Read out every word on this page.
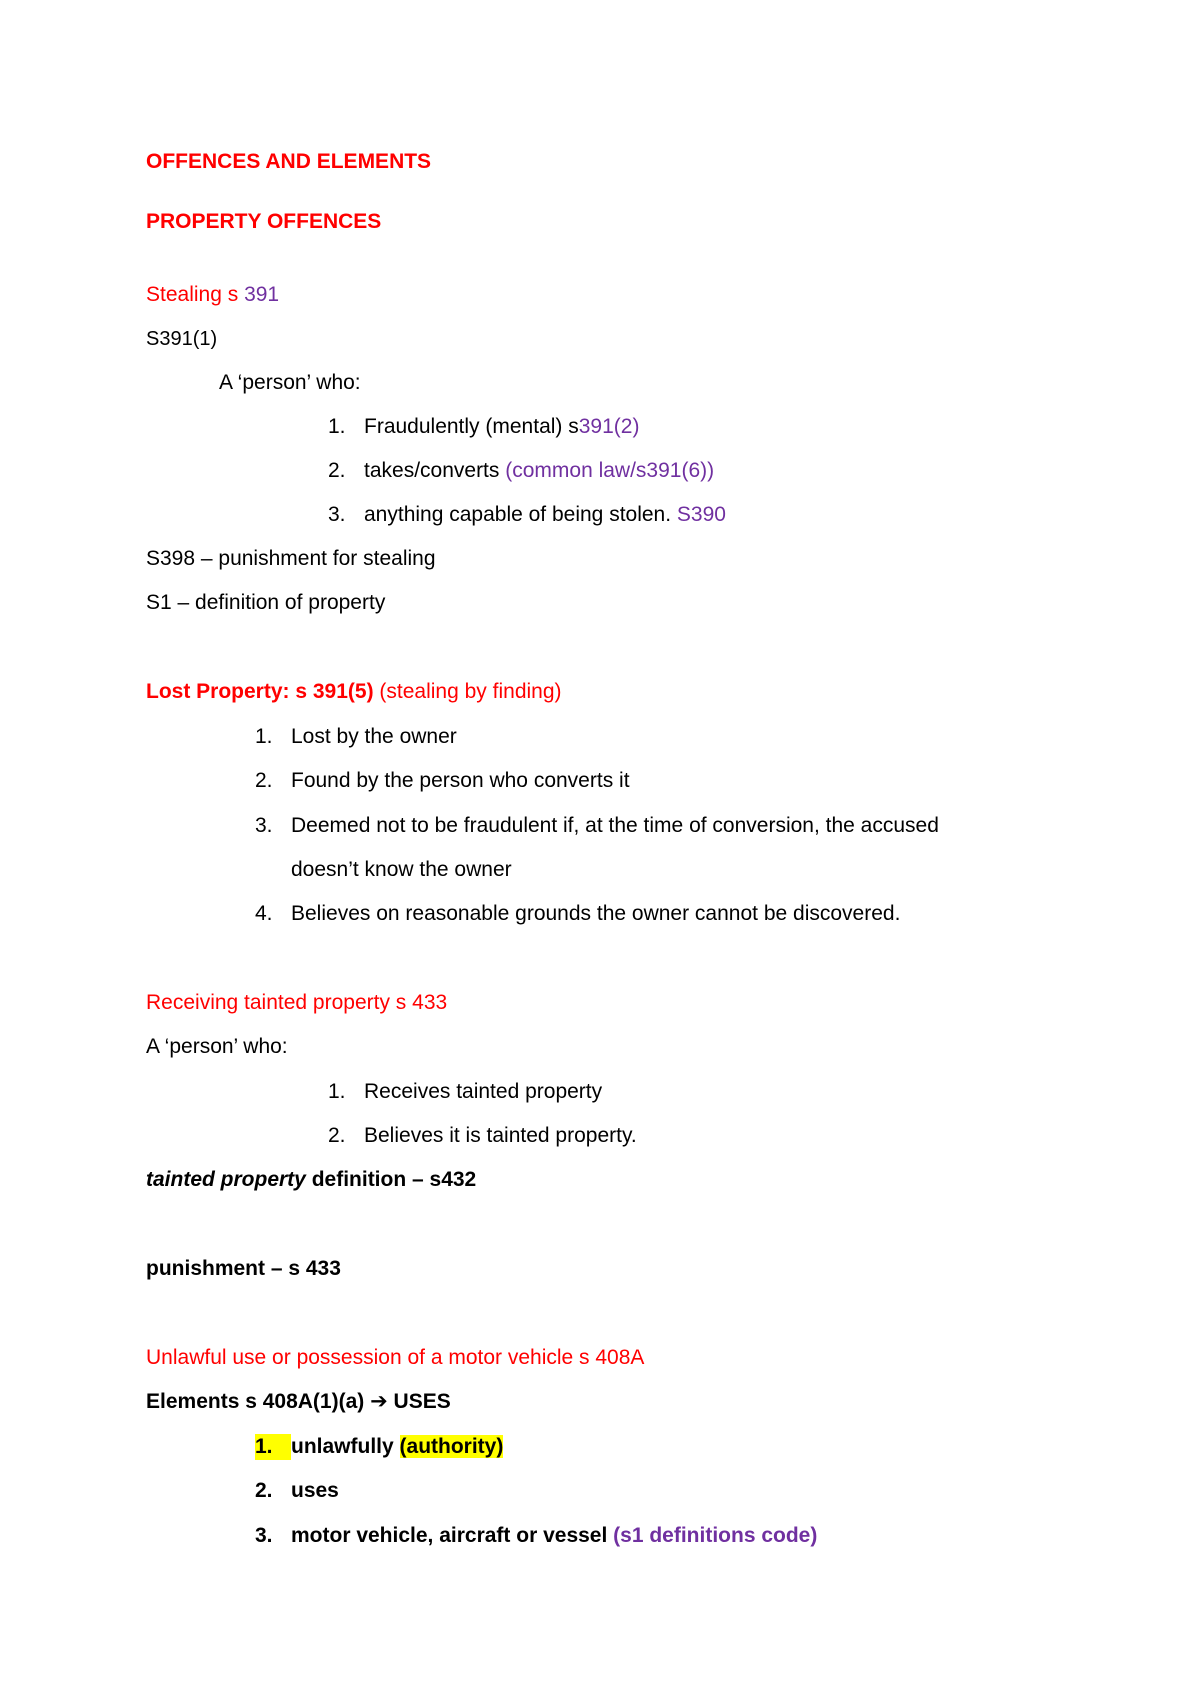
OFFENCES AND ELEMENTS
PROPERTY OFFENCES
Stealing s 391
S391(1)
A ‘person’ who:
1. Fraudulently (mental) s391(2)
2. takes/converts (common law/s391(6))
3. anything capable of being stolen. S390
S398 – punishment for stealing
S1 – definition of property
Lost Property: s 391(5) (stealing by finding)
1. Lost by the owner
2. Found by the person who converts it
3. Deemed not to be fraudulent if, at the time of conversion, the accused
doesn’t know the owner
4. Believes on reasonable grounds the owner cannot be discovered.
Receiving tainted property s 433
A ‘person’ who:
1. Receives tainted property
2. Believes it is tainted property.
tainted property definition – s432
punishment – s 433
Unlawful use or possession of a motor vehicle s 408A
Elements s 408A(1)(a) ➔ USES
1. unlawfully (authority)
2. uses
3. motor vehicle, aircraft or vessel (s1 definitions code)
